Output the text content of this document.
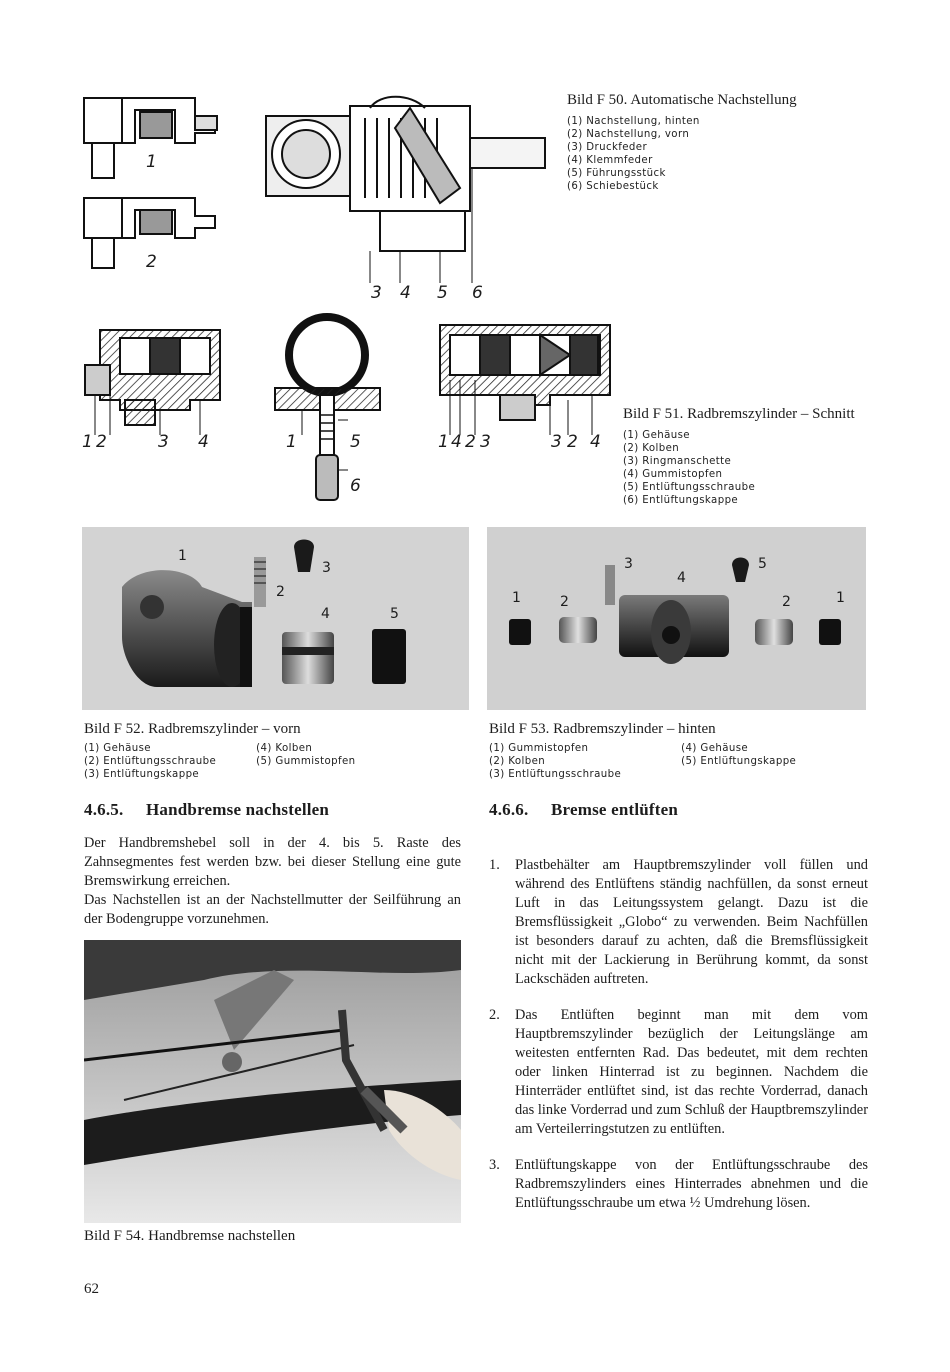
1
2
3 4 5 6
Bild F 50. Automatische Nachstellung
(1) Nachstellung, hinten
(2) Nachstellung, vorn
(3) Druckfeder
(4) Klemmfeder
(5) Führungsstück
(6) Schiebestück
1 2	3 4	1	5
6
1 4 2 3	3 2 4
Bild F 51. Radbremszylinder – Schnitt
(1) Gehäuse
(2) Kolben
(3) Ringmanschette
(4) Gummistopfen
(5) Entlüftungsschraube
(6) Entlüftungskappe
1
2
3
4	5
1	2
3
4
5
2	1
Bild F 52. Radbremszylinder – vorn
(1) Gehäuse
(2) Entlüftungsschraube
(3) Entlüftungskappe
(4) Kolben
(5) Gummistopfen
Bild F 53. Radbremszylinder – hinten
(1) Gummistopfen
(2) Kolben
(3) Entlüftungsschraube
(4) Gehäuse
(5) Entlüftungskappe
4.6.5. Handbremse nachstellen

Der Handbremshebel soll in der 4. bis 5. Raste des Zahnsegmentes fest werden bzw. bei dieser Stellung eine gute Bremswirkung erreichen.

Das Nachstellen ist an der Nachstellmutter der Seilführung an der Bodengruppe vorzunehmen.

Bild F 54. Handbremse nachstellen
4.6.6. Bremse entlüften
1. Plastbehälter am Hauptbremszylinder voll füllen und während des Entlüftens ständig nachfüllen, da sonst erneut Luft in das Leitungssystem gelangt. Dazu ist die Bremsflüssigkeit „Globo“ zu verwenden. Beim Nachfüllen ist besonders darauf zu achten, daß die Bremsflüssigkeit nicht mit der Lackierung in Berührung kommt, da sonst Lackschäden auftreten.
2. Das Entlüften beginnt man mit dem vom Hauptbremszylinder bezüglich der Leitungslänge am weitesten entfernten Rad. Das bedeutet, mit dem rechten oder linken Hinterrad ist zu beginnen. Nachdem die Hinterräder entlüftet sind, ist das rechte Vorderrad, danach das linke Vorderrad und zum Schluß der Hauptbremszylinder am Verteilerringstutzen zu entlüften.
3. Entlüftungskappe von der Entlüftungsschraube des Radbremszylinders eines Hinterrades abnehmen und die Entlüftungsschraube um etwa ½ Umdrehung lösen.
62
